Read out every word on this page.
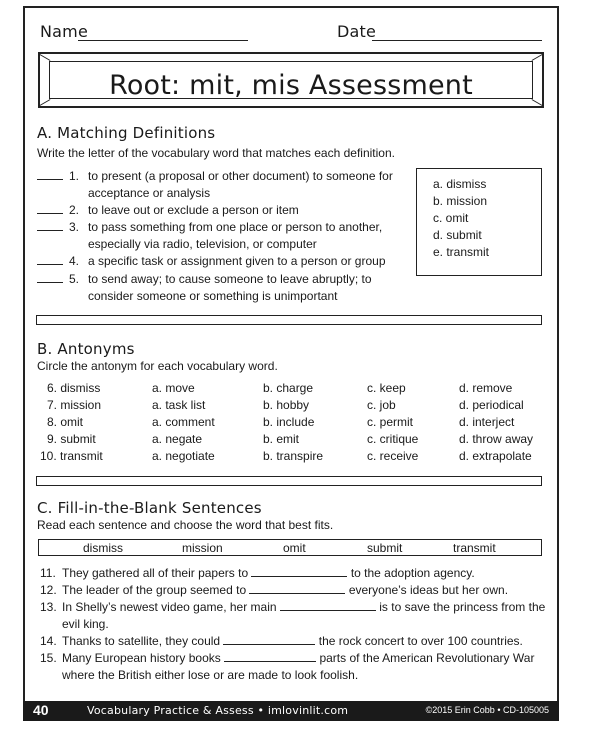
Name	Date
Root: mit, mis Assessment
A. Matching Definitions
Write the letter of the vocabulary word that matches each definition.
1. to present (a proposal or other document) to someone for
acceptance or analysis
2. to leave out or exclude a person or item
3. to pass something from one place or person to another,
especially via radio, television, or computer
4. a specific task or assignment given to a person or group
5. to send away; to cause someone to leave abruptly; to
consider someone or something is unimportant
a. dismiss
b. mission
c. omit
d. submit
e. transmit
B. Antonyms
Circle the antonym for each vocabulary word.
6. dismiss	a. move	b. charge	c. keep	d. remove
7. mission	a. task list	b. hobby	c. job	d. periodical
8. omit	a. comment	b. include	c. permit	d. interject
9. submit	a. negate	b. emit	c. critique	d. throw away
10. transmit	a. negotiate	b. transpire	c. receive	d. extrapolate
C. Fill-in-the-Blank Sentences
Read each sentence and choose the word that best fits.
dismiss	mission	omit	submit	transmit
11. They gathered all of their papers to	to the adoption agency.
12. The leader of the group seemed to	everyone’s ideas but her own.
13. In Shelly’s newest video game, her main	is to save the princess from the
evil king.
14. Thanks to satellite, they could	the rock concert to over 100 countries.
15. Many European history books	parts of the American Revolutionary War
where the British either lose or are made to look foolish.
40	Vocabulary Practice & Assess • imlovinlit.com	©2015 Erin Cobb • CD-105005
